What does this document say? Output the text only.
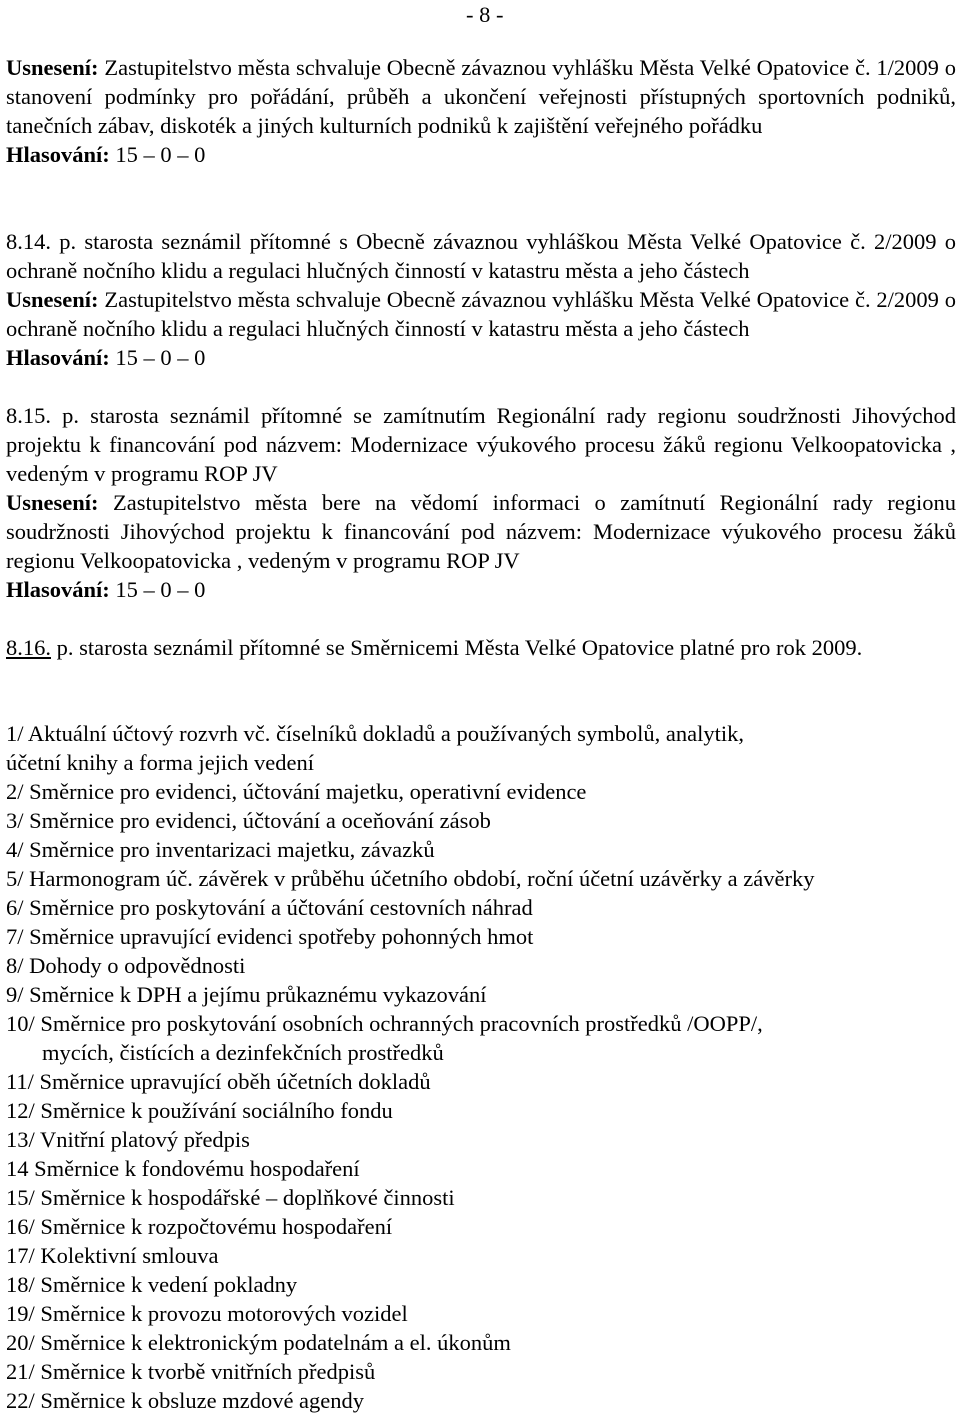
- 8 -
Usnesení: Zastupitelstvo města schvaluje Obecně závaznou vyhlášku Města Velké Opatovice č. 1/2009 o stanovení podmínky pro pořádání, průběh a ukončení veřejnosti přístupných sportovních podniků, tanečních zábav, diskoték a jiných kulturních podniků k zajištění veřejného pořádku
Hlasování: 15 – 0 – 0
8.14. p. starosta seznámil přítomné s Obecně závaznou vyhláškou Města Velké Opatovice č. 2/2009 o ochraně nočního klidu a regulaci hlučných činností v katastru města a jeho částech
Usnesení: Zastupitelstvo města schvaluje Obecně závaznou vyhlášku Města Velké Opatovice č. 2/2009 o ochraně nočního klidu a regulaci hlučných činností v katastru města a jeho částech
Hlasování: 15 – 0 – 0
8.15. p. starosta seznámil přítomné se zamítnutím Regionální rady regionu soudržnosti Jihovýchod projektu k financování pod názvem: Modernizace výukového procesu žáků regionu Velkoopatovicka , vedeným v programu ROP JV
Usnesení: Zastupitelstvo města bere na vědomí informaci o zamítnutí Regionální rady regionu soudržnosti Jihovýchod projektu k financování pod názvem: Modernizace výukového procesu žáků regionu Velkoopatovicka , vedeným v programu ROP JV
Hlasování: 15 – 0 – 0
8.16. p. starosta seznámil přítomné se Směrnicemi Města Velké Opatovice platné pro rok 2009.
1/ Aktuální účtový rozvrh vč. číselníků dokladů a používaných symbolů, analytik,
účetní knihy a forma jejich vedení
2/ Směrnice pro evidenci, účtování majetku, operativní evidence
3/ Směrnice pro evidenci, účtování a oceňování zásob
4/ Směrnice pro inventarizaci majetku, závazků
5/ Harmonogram úč. závěrek v průběhu účetního období, roční účetní uzávěrky a závěrky
6/ Směrnice pro poskytování a účtování cestovních náhrad
7/ Směrnice upravující evidenci spotřeby pohonných hmot
8/ Dohody o odpovědnosti
9/ Směrnice k DPH a jejímu průkaznému vykazování
10/ Směrnice pro poskytování osobních ochranných pracovních prostředků /OOPP/,
mycích, čistících a dezinfekčních prostředků
11/ Směrnice upravující oběh účetních dokladů
12/ Směrnice k používání sociálního fondu
13/ Vnitřní platový předpis
14 Směrnice k fondovému hospodaření
15/ Směrnice k hospodářské – doplňkové činnosti
16/ Směrnice k rozpočtovému hospodaření
17/ Kolektivní smlouva
18/ Směrnice k vedení pokladny
19/ Směrnice k provozu motorových vozidel
20/ Směrnice k elektronickým podatelnám a el. úkonům
21/ Směrnice k tvorbě vnitřních předpisů
22/ Směrnice k obsluze mzdové agendy
